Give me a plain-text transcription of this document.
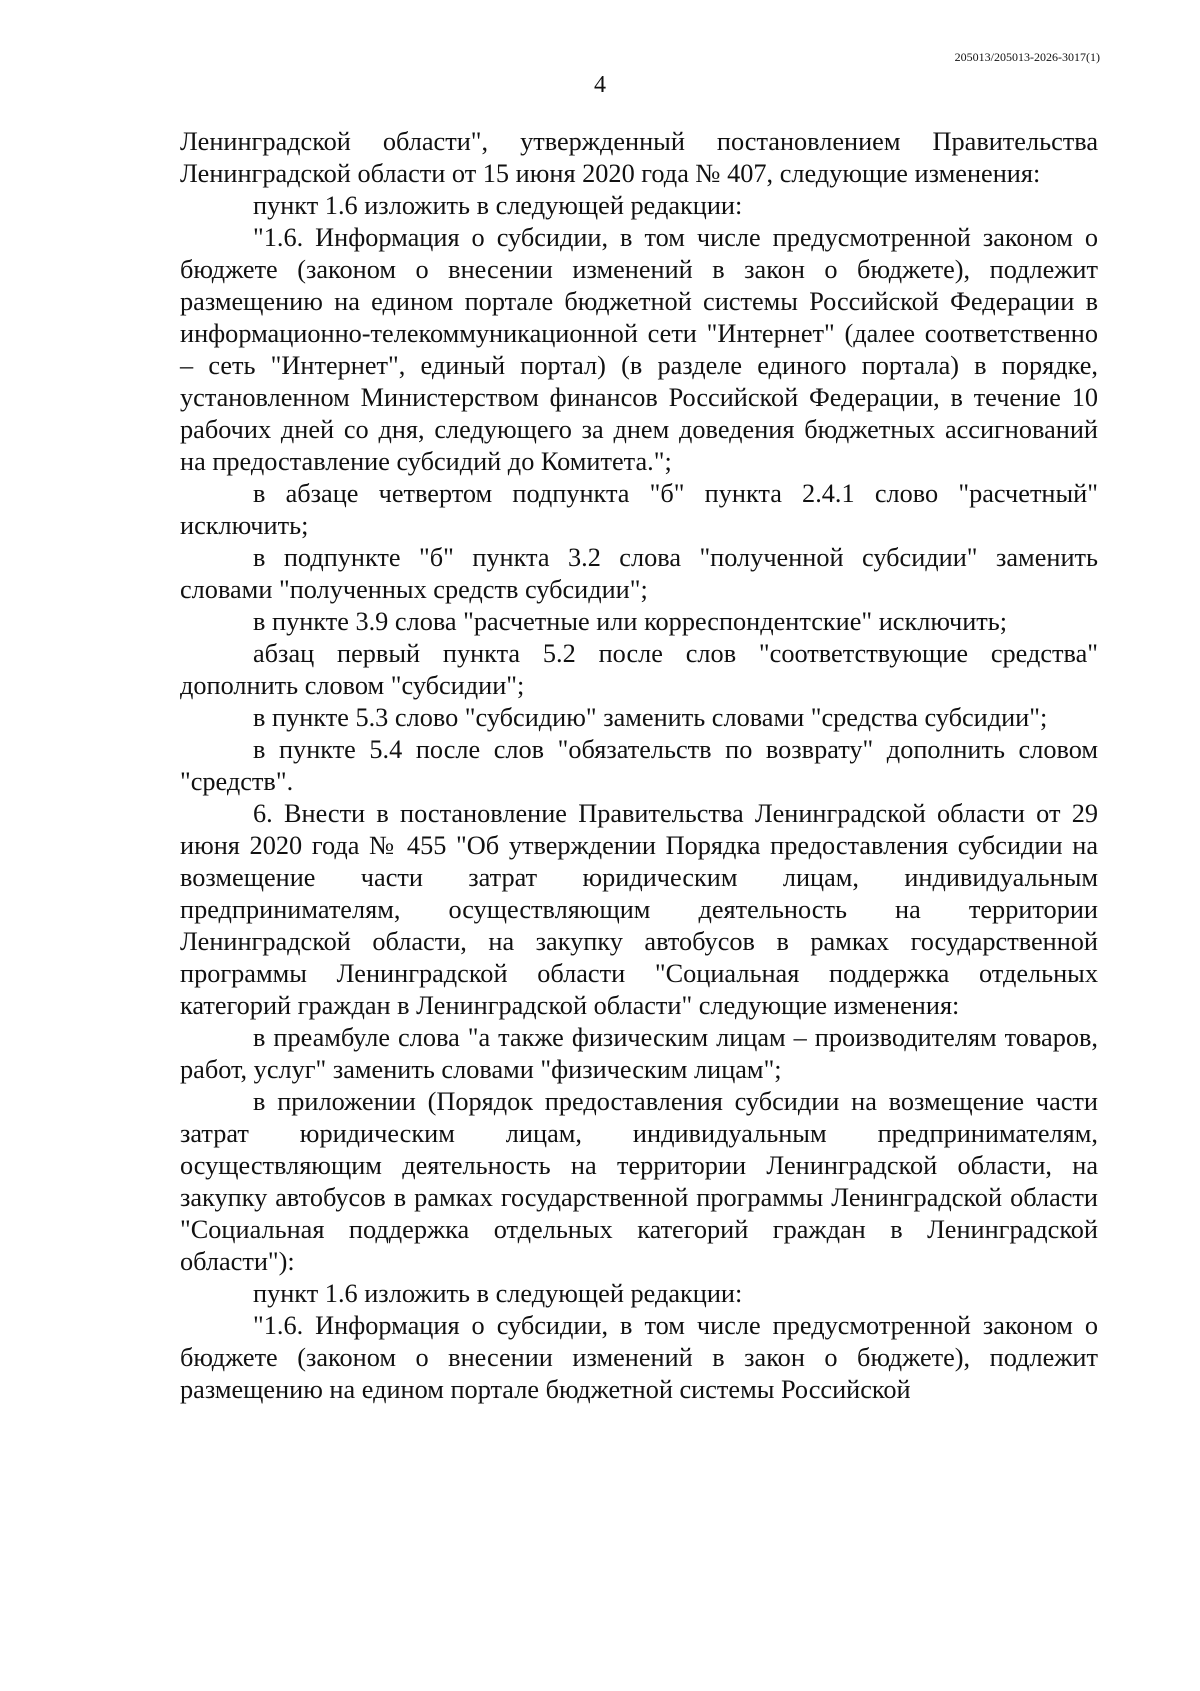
205013/205013-2026-3017(1)
4

Ленинградской области", утвержденный постановлением Правительства Ленинградской области от 15 июня 2020 года № 407, следующие изменения:

пункт 1.6 изложить в следующей редакции:

"1.6. Информация о субсидии, в том числе предусмотренной законом о бюджете (законом о внесении изменений в закон о бюджете), подлежит размещению на едином портале бюджетной системы Российской Федерации в информационно-телекоммуникационной сети "Интернет" (далее соответственно – сеть "Интернет", единый портал) (в разделе единого портала) в порядке, установленном Министерством финансов Российской Федерации, в течение 10 рабочих дней со дня, следующего за днем доведения бюджетных ассигнований на предоставление субсидий до Комитета.";

в абзаце четвертом подпункта "б" пункта 2.4.1 слово "расчетный" исключить;

в подпункте "б" пункта 3.2 слова "полученной субсидии" заменить словами "полученных средств субсидии";

в пункте 3.9 слова "расчетные или корреспондентские" исключить;

абзац первый пункта 5.2 после слов "соответствующие средства" дополнить словом "субсидии";

в пункте 5.3 слово "субсидию" заменить словами "средства субсидии";

в пункте 5.4 после слов "обязательств по возврату" дополнить словом "средств".

6. Внести в постановление Правительства Ленинградской области от 29 июня 2020 года № 455 "Об утверждении Порядка предоставления субсидии на возмещение части затрат юридическим лицам, индивидуальным предпринимателям, осуществляющим деятельность на территории Ленинградской области, на закупку автобусов в рамках государственной программы Ленинградской области "Социальная поддержка отдельных категорий граждан в Ленинградской области" следующие изменения:

в преамбуле слова "а также физическим лицам – производителям товаров, работ, услуг" заменить словами "физическим лицам";

в приложении (Порядок предоставления субсидии на возмещение части затрат юридическим лицам, индивидуальным предпринимателям, осуществляющим деятельность на территории Ленинградской области, на закупку автобусов в рамках государственной программы Ленинградской области "Социальная поддержка отдельных категорий граждан в Ленинградской области"):

пункт 1.6 изложить в следующей редакции:

"1.6. Информация о субсидии, в том числе предусмотренной законом о бюджете (законом о внесении изменений в закон о бюджете), подлежит размещению на едином портале бюджетной системы Российской
